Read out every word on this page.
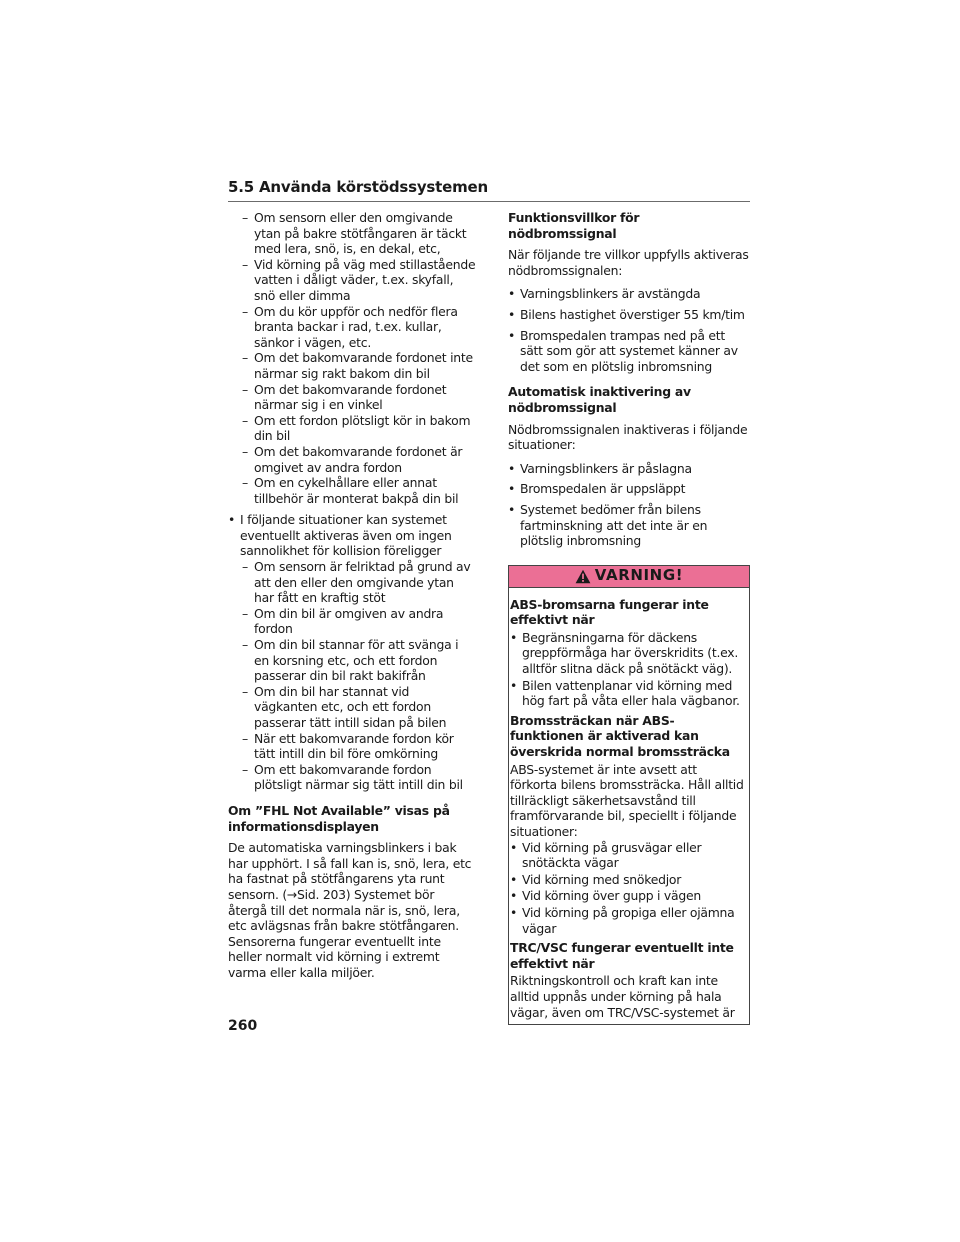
5.5 Använda körstödssystemen
– Om sensorn eller den omgivande ytan på bakre stötfångaren är täckt med lera, snö, is, en dekal, etc,
– Vid körning på väg med stillastående vatten i dåligt väder, t.ex. skyfall, snö eller dimma
– Om du kör uppför och nedför flera branta backar i rad, t.ex. kullar, sänkor i vägen, etc.
– Om det bakomvarande fordonet inte närmar sig rakt bakom din bil
– Om det bakomvarande fordonet närmar sig i en vinkel
– Om ett fordon plötsligt kör in bakom din bil
– Om det bakomvarande fordonet är omgivet av andra fordon
– Om en cykelhållare eller annat tillbehör är monterat bakpå din bil
• I följande situationer kan systemet eventuellt aktiveras även om ingen sannolikhet för kollision föreligger
– Om sensorn är felriktad på grund av att den eller den omgivande ytan har fått en kraftig stöt
– Om din bil är omgiven av andra fordon
– Om din bil stannar för att svänga i en korsning etc, och ett fordon passerar din bil rakt bakifrån
– Om din bil har stannat vid vägkanten etc, och ett fordon passerar tätt intill sidan på bilen
– När ett bakomvarande fordon kör tätt intill din bil före omkörning
– Om ett bakomvarande fordon plötsligt närmar sig tätt intill din bil
Om ”FHL Not Available” visas på informationsdisplayen
De automatiska varningsblinkers i bak har upphört. I så fall kan is, snö, lera, etc ha fastnat på stötfångarens yta runt sensorn. (→Sid. 203) Systemet bör återgå till det normala när is, snö, lera, etc avlägsnas från bakre stötfångaren. Sensorerna fungerar eventuellt inte heller normalt vid körning i extremt varma eller kalla miljöer.
Funktionsvillkor för nödbromssignal
När följande tre villkor uppfylls aktiveras nödbromssignalen:
• Varningsblinkers är avstängda
• Bilens hastighet överstiger 55 km/tim
• Bromspedalen trampas ned på ett sätt som gör att systemet känner av det som en plötslig inbromsning
Automatisk inaktivering av nödbromssignal
Nödbromssignalen inaktiveras i följande situationer:
• Varningsblinkers är påslagna
• Bromspedalen är uppsläppt
• Systemet bedömer från bilens fartminskning att det inte är en plötslig inbromsning
VARNING!
ABS-bromsarna fungerar inte effektivt när
• Begränsningarna för däckens greppförmåga har överskridits (t.ex. alltför slitna däck på snötäckt väg).
• Bilen vattenplanar vid körning med hög fart på våta eller hala vägbanor.
Bromssträckan när ABS-funktionen är aktiverad kan överskrida normal bromssträcka
ABS-systemet är inte avsett att förkorta bilens bromssträcka. Håll alltid tillräckligt säkerhetsavstånd till framförvarande bil, speciellt i följande situationer:
• Vid körning på grusvägar eller snötäckta vägar
• Vid körning med snökedjor
• Vid körning över gupp i vägen
• Vid körning på gropiga eller ojämna vägar
TRC/VSC fungerar eventuellt inte effektivt när
Riktningskontroll och kraft kan inte alltid uppnås under körning på hala vägar, även om TRC/VSC-systemet är
260
